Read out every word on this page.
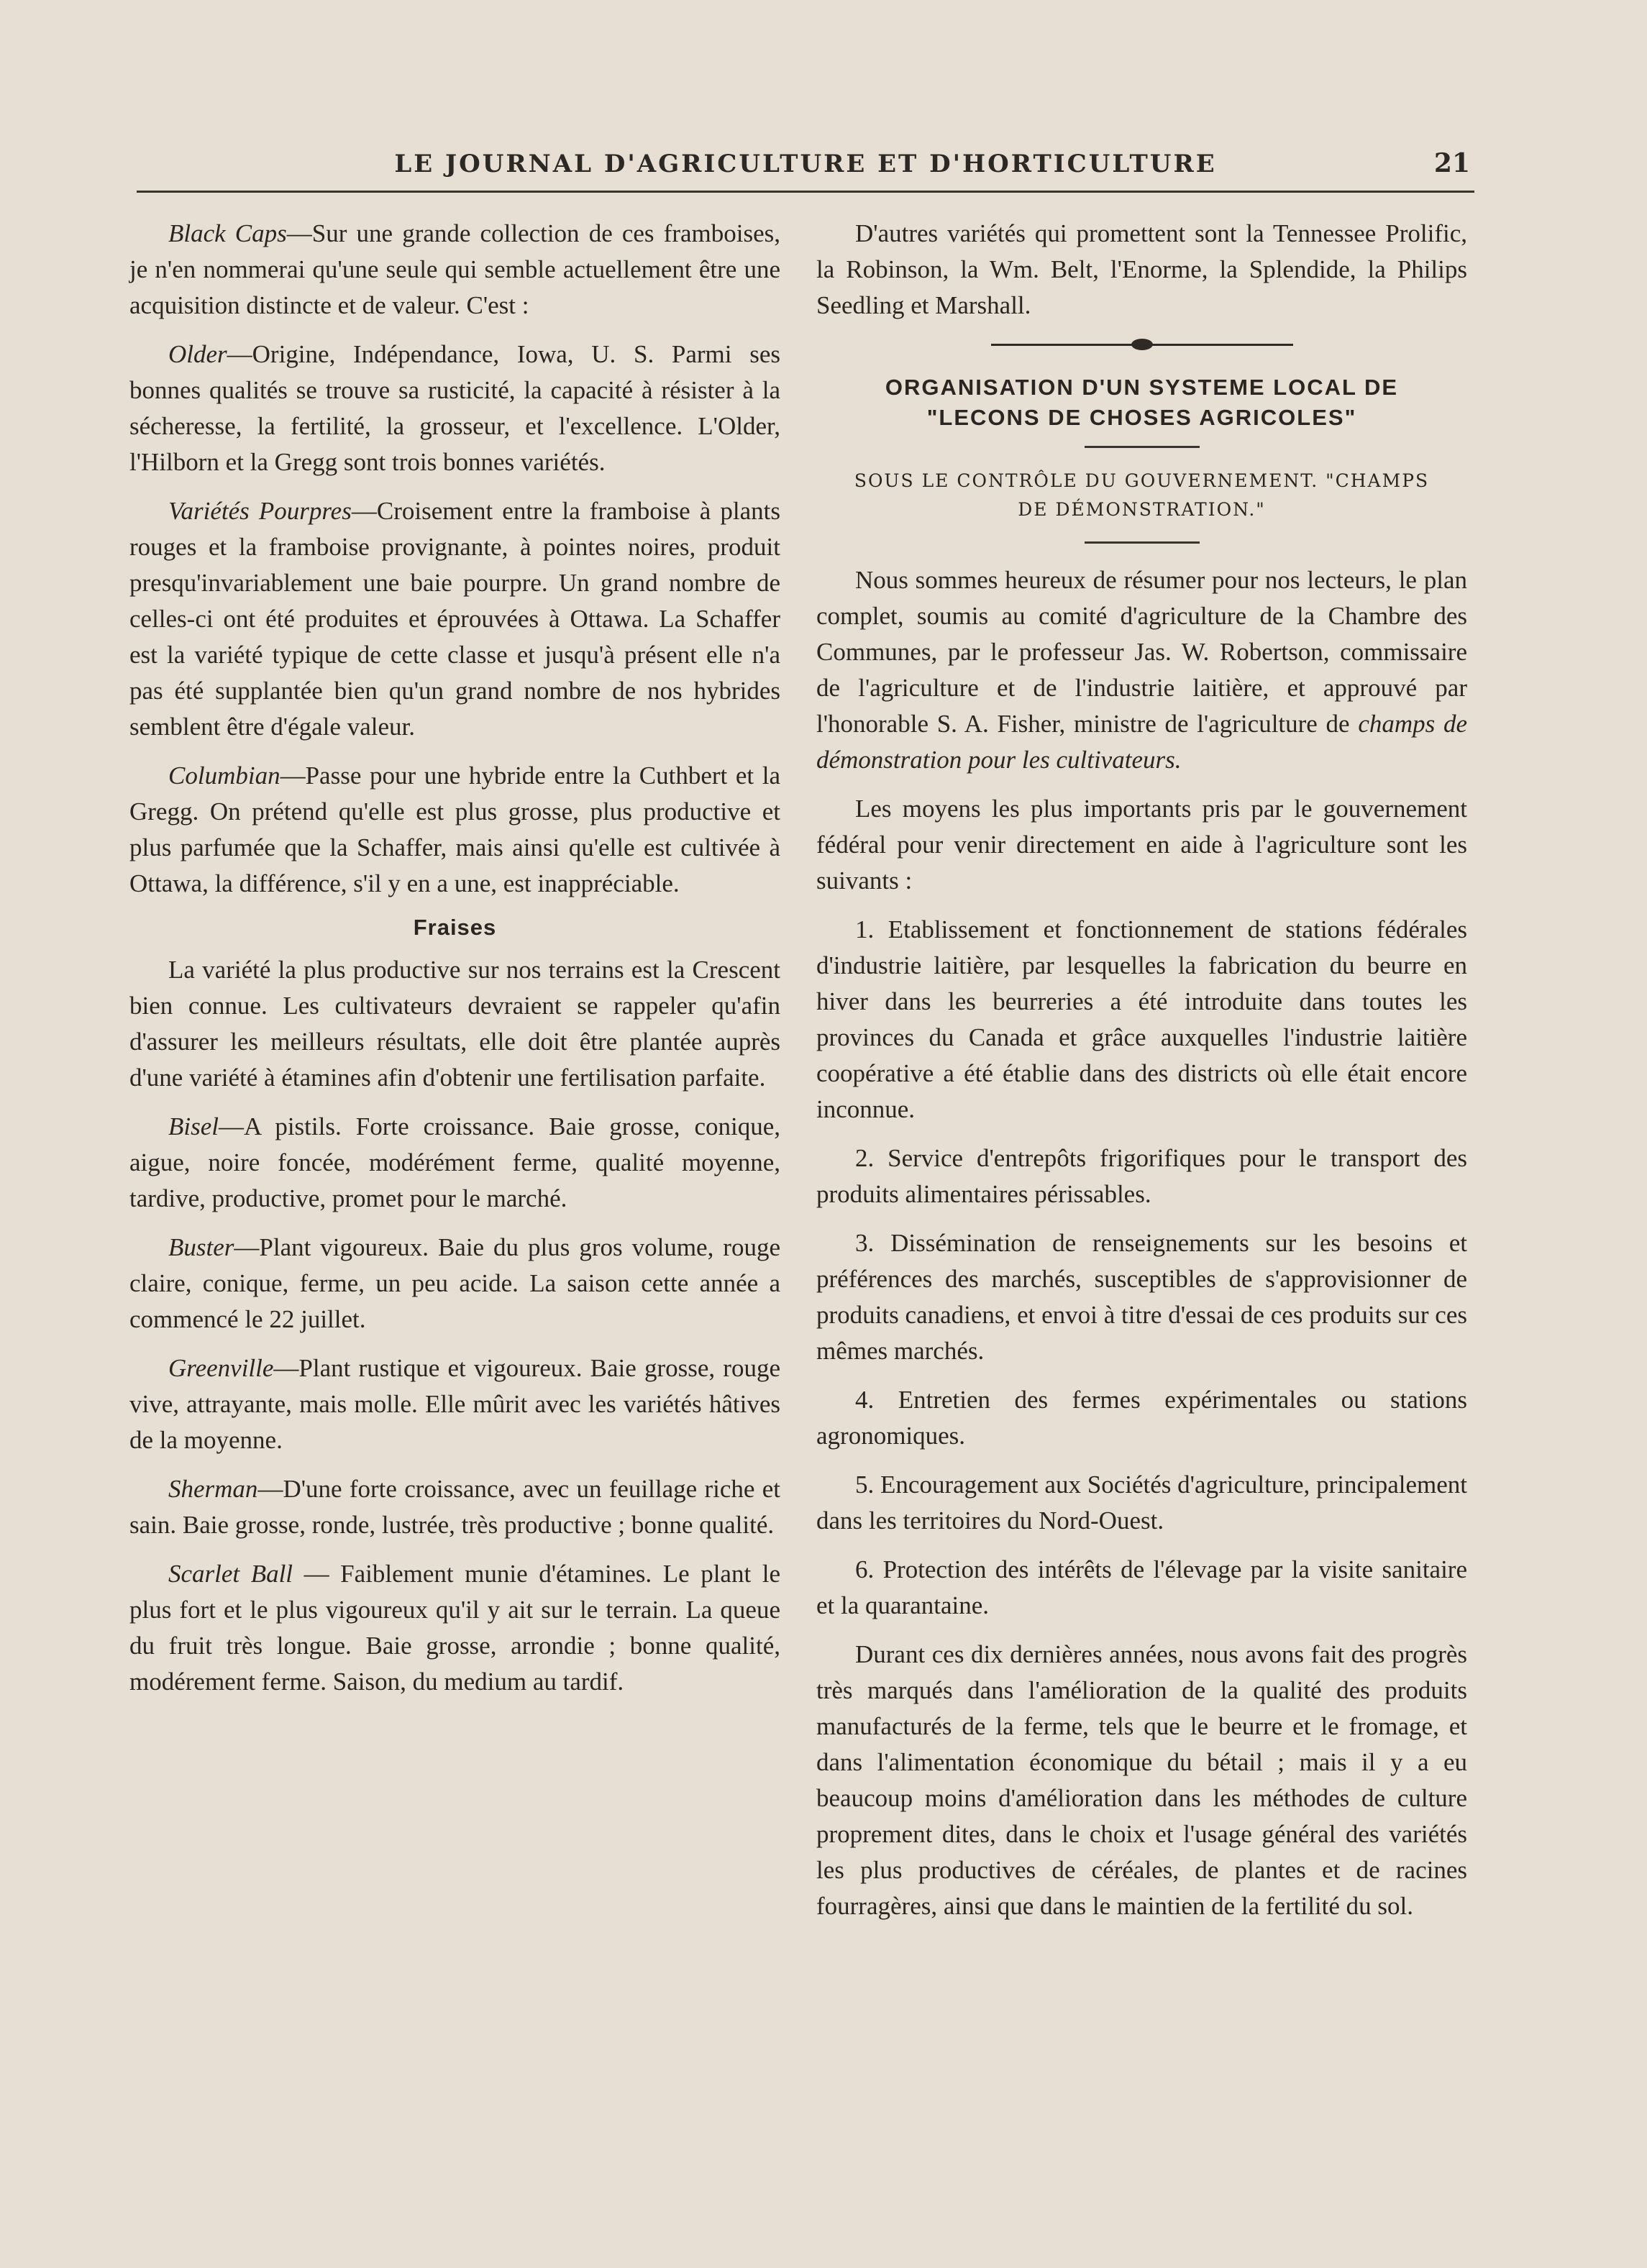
LE JOURNAL D'AGRICULTURE ET D'HORTICULTURE	21

Black Caps—Sur une grande collection de ces framboises, je n'en nommerai qu'une seule qui semble actuellement être une acquisition distincte et de valeur. C'est :

Older—Origine, Indépendance, Iowa, U. S. Parmi ses bonnes qualités se trouve sa rusticité, la capacité à résister à la sécheresse, la fertilité, la grosseur, et l'excellence. L'Older, l'Hilborn et la Gregg sont trois bonnes variétés.

Variétés Pourpres—Croisement entre la framboise à plants rouges et la framboise provignante, à pointes noires, produit presqu'invariablement une baie pourpre. Un grand nombre de celles-ci ont été produites et éprouvées à Ottawa. La Schaffer est la variété typique de cette classe et jusqu'à présent elle n'a pas été supplantée bien qu'un grand nombre de nos hybrides semblent être d'égale valeur.

Columbian—Passe pour une hybride entre la Cuthbert et la Gregg. On prétend qu'elle est plus grosse, plus productive et plus parfumée que la Schaffer, mais ainsi qu'elle est cultivée à Ottawa, la différence, s'il y en a une, est inappréciable.

Fraises

La variété la plus productive sur nos terrains est la Crescent bien connue. Les cultivateurs devraient se rappeler qu'afin d'assurer les meilleurs résultats, elle doit être plantée auprès d'une variété à étamines afin d'obtenir une fertilisation parfaite.

Bisel—A pistils. Forte croissance. Baie grosse, conique, aigue, noire foncée, modérément ferme, qualité moyenne, tardive, productive, promet pour le marché.

Buster—Plant vigoureux. Baie du plus gros volume, rouge claire, conique, ferme, un peu acide. La saison cette année a commencé le 22 juillet.

Greenville—Plant rustique et vigoureux. Baie grosse, rouge vive, attrayante, mais molle. Elle mûrit avec les variétés hâtives de la moyenne.

Sherman—D'une forte croissance, avec un feuillage riche et sain. Baie grosse, ronde, lustrée, très productive ; bonne qualité.

Scarlet Ball — Faiblement munie d'étamines. Le plant le plus fort et le plus vigoureux qu'il y ait sur le terrain. La queue du fruit très longue. Baie grosse, arrondie ; bonne qualité, modérement ferme. Saison, du medium au tardif.

D'autres variétés qui promettent sont la Tennessee Prolific, la Robinson, la Wm. Belt, l'Enorme, la Splendide, la Philips Seedling et Marshall.

ORGANISATION D'UN SYSTEME LOCAL DE
"LECONS DE CHOSES AGRICOLES"
SOUS LE CONTRÔLE DU GOUVERNEMENT. "CHAMPS
DE DÉMONSTRATION."

Nous sommes heureux de résumer pour nos lecteurs, le plan complet, soumis au comité d'agriculture de la Chambre des Communes, par le professeur Jas. W. Robertson, commissaire de l'agriculture et de l'industrie laitière, et approuvé par l'honorable S. A. Fisher, ministre de l'agriculture de champs de démonstration pour les cultivateurs.

Les moyens les plus importants pris par le gouvernement fédéral pour venir directement en aide à l'agriculture sont les suivants :

1. Etablissement et fonctionnement de stations fédérales d'industrie laitière, par lesquelles la fabrication du beurre en hiver dans les beurreries a été introduite dans toutes les provinces du Canada et grâce auxquelles l'industrie laitière coopérative a été établie dans des districts où elle était encore inconnue.

2. Service d'entrepôts frigorifiques pour le transport des produits alimentaires périssables.

3. Dissémination de renseignements sur les besoins et préférences des marchés, susceptibles de s'approvisionner de produits canadiens, et envoi à titre d'essai de ces produits sur ces mêmes marchés.

4. Entretien des fermes expérimentales ou stations agronomiques.

5. Encouragement aux Sociétés d'agriculture, principalement dans les territoires du Nord-Ouest.

6. Protection des intérêts de l'élevage par la visite sanitaire et la quarantaine.

Durant ces dix dernières années, nous avons fait des progrès très marqués dans l'amélioration de la qualité des produits manufacturés de la ferme, tels que le beurre et le fromage, et dans l'alimentation économique du bétail ; mais il y a eu beaucoup moins d'amélioration dans les méthodes de culture proprement dites, dans le choix et l'usage général des variétés les plus productives de céréales, de plantes et de racines fourragères, ainsi que dans le maintien de la fertilité du sol.
